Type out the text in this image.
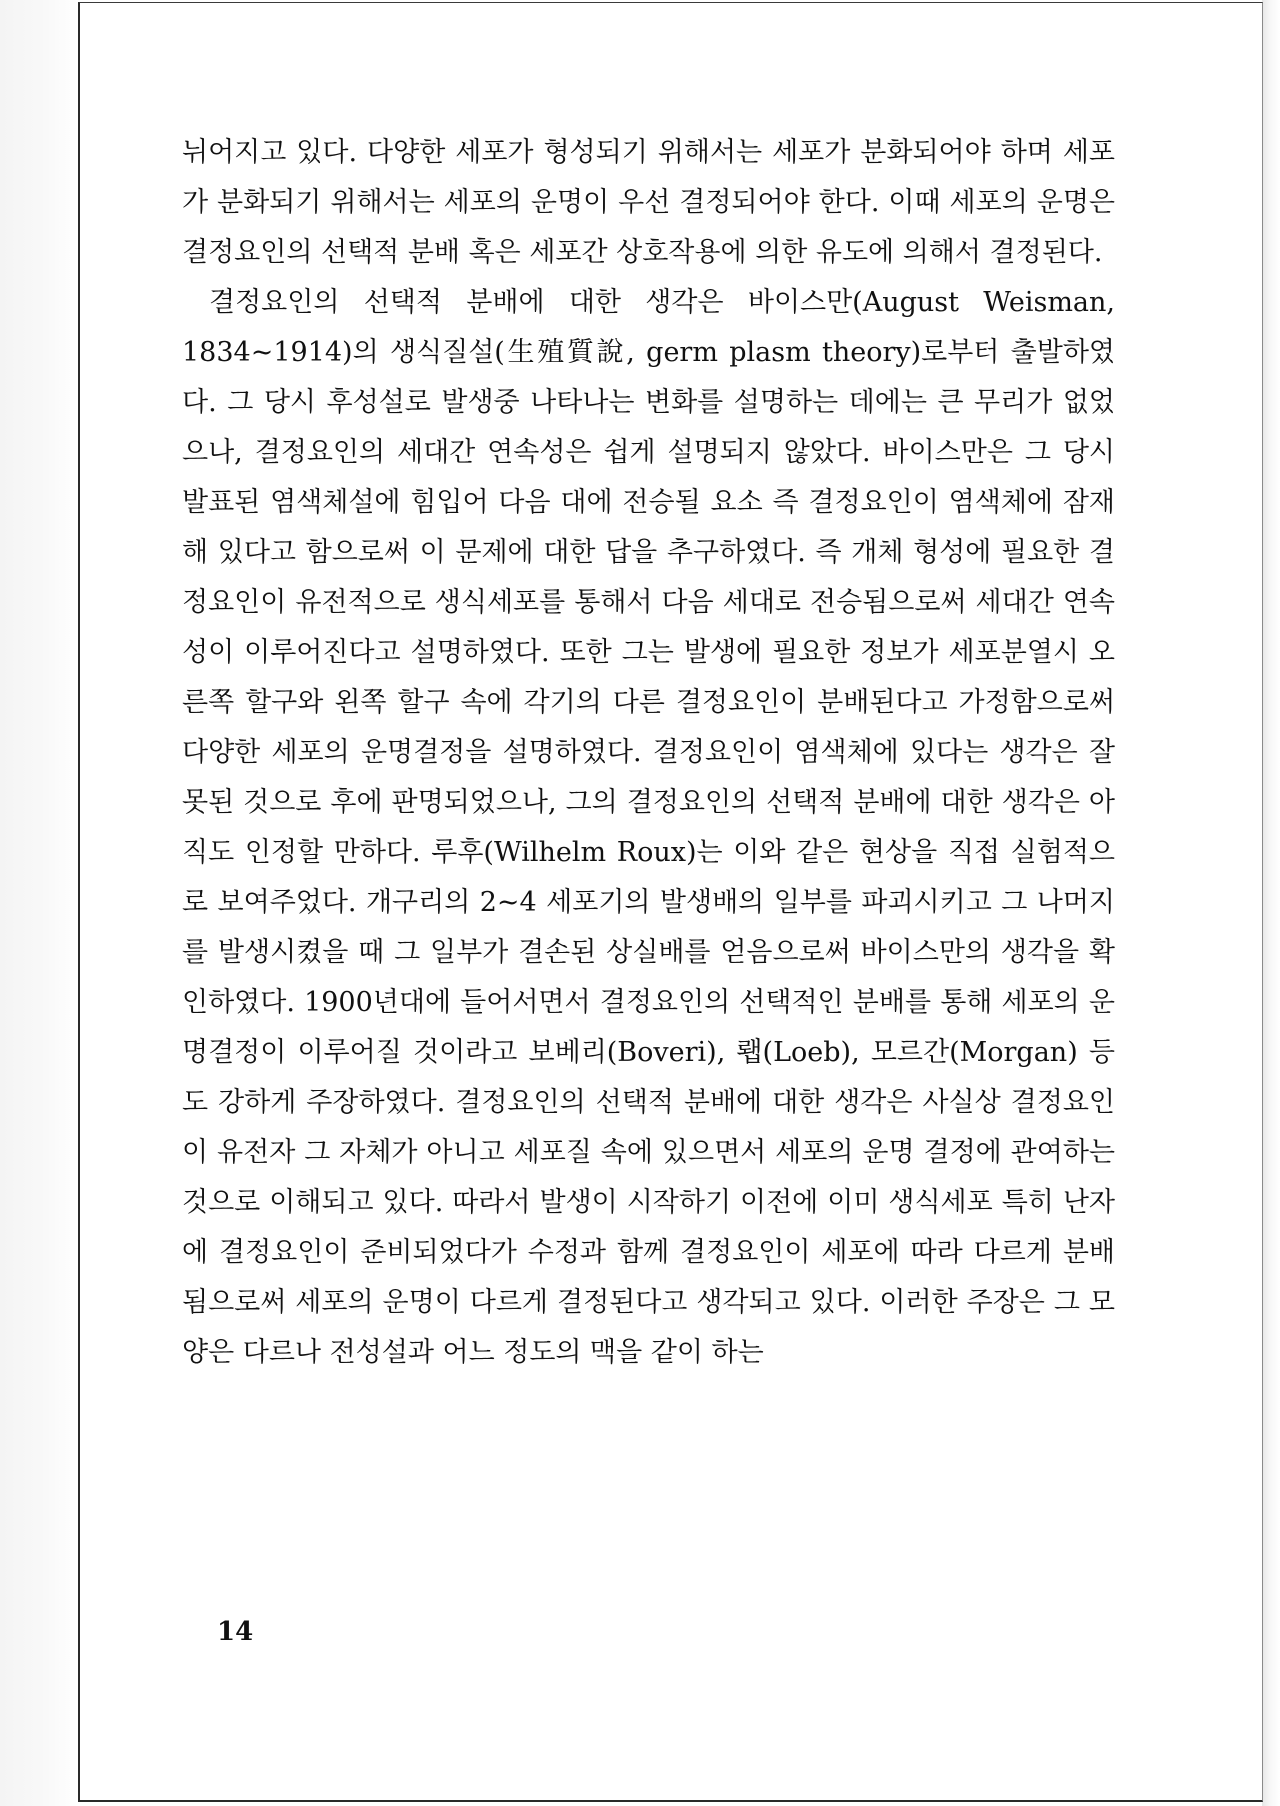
뉘어지고 있다. 다양한 세포가 형성되기 위해서는 세포가 분화되어야 하며 세포가 분화되기 위해서는 세포의 운명이 우선 결정되어야 한다. 이때 세포의 운명은 결정요인의 선택적 분배 혹은 세포간 상호작용에 의한 유도에 의해서 결정된다.

결정요인의 선택적 분배에 대한 생각은 바이스만(August Weisman, 1834~1914)의 생식질설(生殖質說, germ plasm theory)로부터 출발하였다. 그 당시 후성설로 발생중 나타나는 변화를 설명하는 데에는 큰 무리가 없었으나, 결정요인의 세대간 연속성은 쉽게 설명되지 않았다. 바이스만은 그 당시 발표된 염색체설에 힘입어 다음 대에 전승될 요소 즉 결정요인이 염색체에 잠재해 있다고 함으로써 이 문제에 대한 답을 추구하였다. 즉 개체 형성에 필요한 결정요인이 유전적으로 생식세포를 통해서 다음 세대로 전승됨으로써 세대간 연속성이 이루어진다고 설명하였다. 또한 그는 발생에 필요한 정보가 세포분열시 오른쪽 할구와 왼쪽 할구 속에 각기의 다른 결정요인이 분배된다고 가정함으로써 다양한 세포의 운명결정을 설명하였다. 결정요인이 염색체에 있다는 생각은 잘못된 것으로 후에 판명되었으나, 그의 결정요인의 선택적 분배에 대한 생각은 아직도 인정할 만하다. 루후(Wilhelm Roux)는 이와 같은 현상을 직접 실험적으로 보여주었다. 개구리의 2~4 세포기의 발생배의 일부를 파괴시키고 그 나머지를 발생시켰을 때 그 일부가 결손된 상실배를 얻음으로써 바이스만의 생각을 확인하였다. 1900년대에 들어서면서 결정요인의 선택적인 분배를 통해 세포의 운명결정이 이루어질 것이라고 보베리(Boveri), 뢥(Loeb), 모르간(Morgan) 등도 강하게 주장하였다. 결정요인의 선택적 분배에 대한 생각은 사실상 결정요인이 유전자 그 자체가 아니고 세포질 속에 있으면서 세포의 운명 결정에 관여하는 것으로 이해되고 있다. 따라서 발생이 시작하기 이전에 이미 생식세포 특히 난자에 결정요인이 준비되었다가 수정과 함께 결정요인이 세포에 따라 다르게 분배됨으로써 세포의 운명이 다르게 결정된다고 생각되고 있다. 이러한 주장은 그 모양은 다르나 전성설과 어느 정도의 맥을 같이 하는

14
